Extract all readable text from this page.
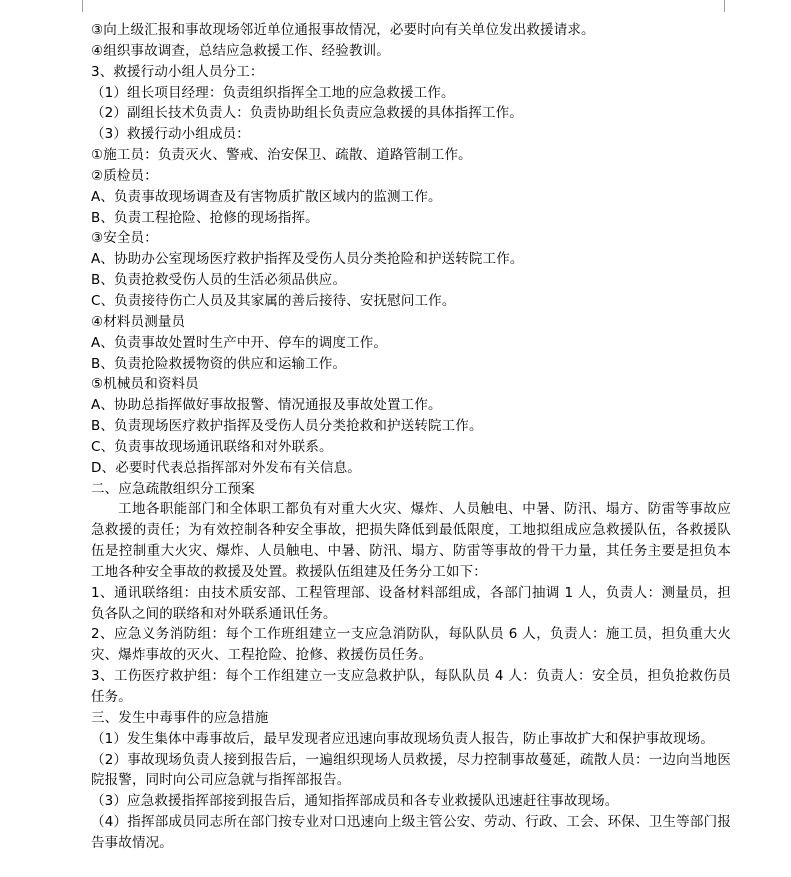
③向上级汇报和事故现场邻近单位通报事故情况，必要时向有关单位发出救援请求。
④组织事故调查，总结应急救援工作、经验教训。
3、救援行动小组人员分工：
（1）组长项目经理：负责组织指挥全工地的应急救援工作。
（2）副组长技术负责人：负责协助组长负责应急救援的具体指挥工作。
（3）救援行动小组成员：
①施工员：负责灭火、警戒、治安保卫、疏散、道路管制工作。
②质检员：
A、负责事故现场调查及有害物质扩散区域内的监测工作。
B、负责工程抢险、抢修的现场指挥。
③安全员：
A、协助办公室现场医疗救护指挥及受伤人员分类抢险和护送转院工作。
B、负责抢救受伤人员的生活必须品供应。
C、负责接待伤亡人员及其家属的善后接待、安抚慰问工作。
④材料员测量员
A、负责事故处置时生产中开、停车的调度工作。
B、负责抢险救援物资的供应和运输工作。
⑤机械员和资料员
A、协助总指挥做好事故报警、情况通报及事故处置工作。
B、负责现场医疗救护指挥及受伤人员分类抢救和护送转院工作。
C、负责事故现场通讯联络和对外联系。
D、必要时代表总指挥部对外发布有关信息。
二、应急疏散组织分工预案
工地各职能部门和全体职工都负有对重大火灾、爆炸、人员触电、中暑、防汛、塌方、防雷等事故应急救援的责任；为有效控制各种安全事故，把损失降低到最低限度，工地拟组成应急救援队伍，各救援队伍是控制重大火灾、爆炸、人员触电、中暑、防汛、塌方、防雷等事故的骨干力量，其任务主要是担负本工地各种安全事故的救援及处置。救援队伍组建及任务分工如下：
1、通讯联络组：由技术质安部、工程管理部、设备材料部组成，各部门抽调 1 人，负责人：测量员，担负各队之间的联络和对外联系通讯任务。
2、应急义务消防组：每个工作班组建立一支应急消防队，每队队员 6 人，负责人：施工员，担负重大火灾、爆炸事故的灭火、工程抢险、抢修、救援伤员任务。
3、工伤医疗救护组：每个工作组建立一支应急救护队，每队队员 4 人：负责人：安全员，担负抢救伤员任务。
三、发生中毒事件的应急措施
（1）发生集体中毒事故后，最早发现者应迅速向事故现场负责人报告，防止事故扩大和保护事故现场。
（2）事故现场负责人接到报告后，一遍组织现场人员救援，尽力控制事故蔓延，疏散人员：一边向当地医院报警，同时向公司应急就与指挥部报告。
（3）应急救援指挥部接到报告后，通知指挥部成员和各专业救援队迅速赶往事故现场。
（4）指挥部成员同志所在部门按专业对口迅速向上级主管公安、劳动、行政、工会、环保、卫生等部门报告事故情况。
